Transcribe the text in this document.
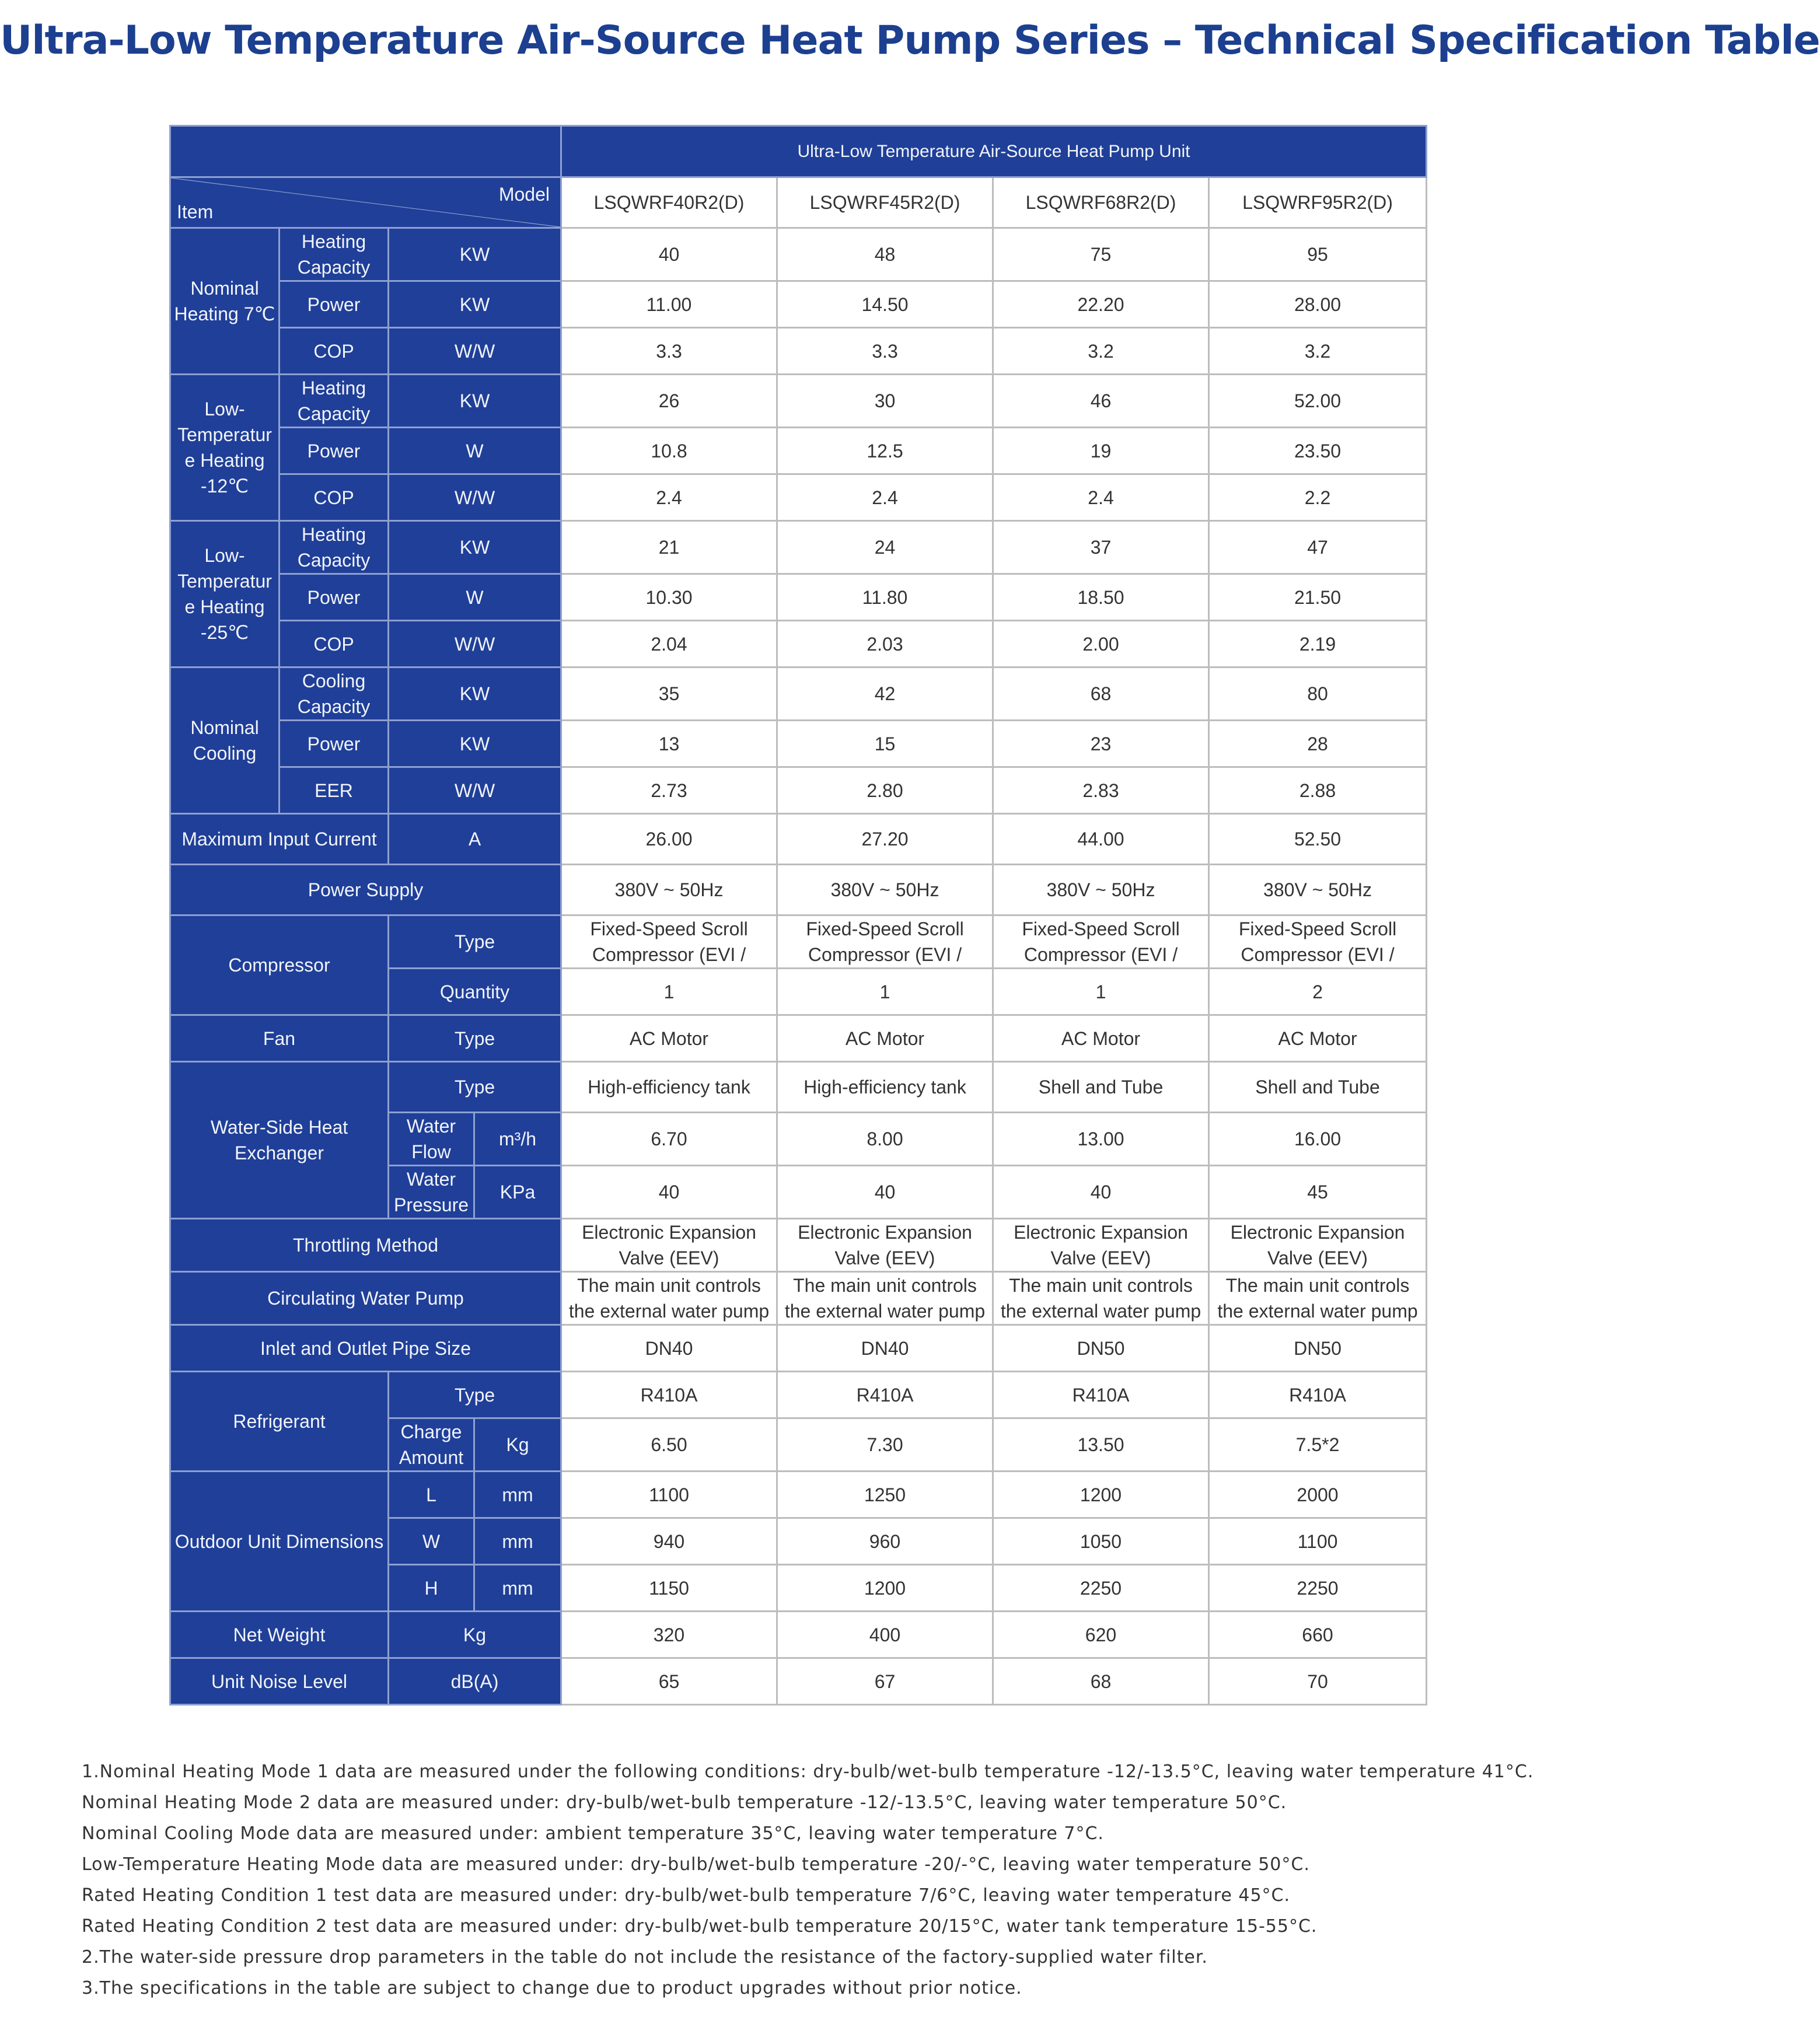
Ultra-Low Temperature Air-Source Heat Pump Series – Technical Specification Table
				Ultra-Low Temperature Air-Source Heat Pump Unit			

Model
Item				LSQWRF40R2(D)	LSQWRF45R2(D)	LSQWRF68R2(D)	LSQWRF95R2(D)
Nominal Heating 7℃	Heating Capacity	KW		40	48	75	95
	Power	KW		11.00	14.50	22.20	28.00
	COP	W/W		3.3	3.3	3.2	3.2
Low-Temperatur e Heating -12℃	Heating Capacity	KW		26	30	46	52.00
	Power	W		10.8	12.5	19	23.50
	COP	W/W		2.4	2.4	2.4	2.2
Low-Temperatur e Heating -25℃	Heating Capacity	KW		21	24	37	47
	Power	W		10.30	11.80	18.50	21.50
	COP	W/W		2.04	2.03	2.00	2.19
Nominal Cooling	Cooling Capacity	KW		35	42	68	80
	Power	KW		13	15	23	28
	EER	W/W		2.73	2.80	2.83	2.88
Maximum Input Current		A		26.00	27.20	44.00	52.50
Power Supply				380V ~ 50Hz	380V ~ 50Hz	380V ~ 50Hz	380V ~ 50Hz
Compressor		Type		Fixed-Speed Scroll Compressor (EVI /	Fixed-Speed Scroll Compressor (EVI /	Fixed-Speed Scroll Compressor (EVI /	Fixed-Speed Scroll Compressor (EVI /

		Quantity		1	1	1	2
Fan		Type		AC Motor	AC Motor	AC Motor	AC Motor
Water-Side Heat Exchanger		Type		High-efficiency tank	High-efficiency tank	Shell and Tube	Shell and Tube

		Water Flow	m³/h	6.70	8.00	13.00	16.00

		Water Pressure	KPa	40	40	40	45
Throttling Method				Electronic Expansion Valve (EEV)	Electronic Expansion Valve (EEV)	Electronic Expansion Valve (EEV)	Electronic Expansion Valve (EEV)

Circulating Water Pump				The main unit controls the external water pump	The main unit controls the external water pump	The main unit controls the external water pump	The main unit controls the external water pump

Inlet and Outlet Pipe Size				DN40	DN40	DN50	DN50
Refrigerant		Type		R410A	R410A	R410A	R410A
		Charge Amount	Kg	6.50	7.30	13.50	7.5*2
Outdoor Unit Dimensions		L	mm	1100	1250	1200	2000
		W	mm	940	960	1050	1100
		H	mm	1150	1200	2250	2250
Net Weight		Kg		320	400	620	660
Unit Noise Level		dB(A)		65	67	68	70
1.Nominal Heating Mode 1 data are measured under the following conditions: dry-bulb/wet-bulb temperature -12/-13.5°C, leaving water temperature 41°C.
Nominal Heating Mode 2 data are measured under: dry-bulb/wet-bulb temperature -12/-13.5°C, leaving water temperature 50°C.
Nominal Cooling Mode data are measured under: ambient temperature 35°C, leaving water temperature 7°C.
Low-Temperature Heating Mode data are measured under: dry-bulb/wet-bulb temperature -20/-°C, leaving water temperature 50°C.
Rated Heating Condition 1 test data are measured under: dry-bulb/wet-bulb temperature 7/6°C, leaving water temperature 45°C.
Rated Heating Condition 2 test data are measured under: dry-bulb/wet-bulb temperature 20/15°C, water tank temperature 15-55°C.
2.The water-side pressure drop parameters in the table do not include the resistance of the factory-supplied water filter.
3.The specifications in the table are subject to change due to product upgrades without prior notice.
